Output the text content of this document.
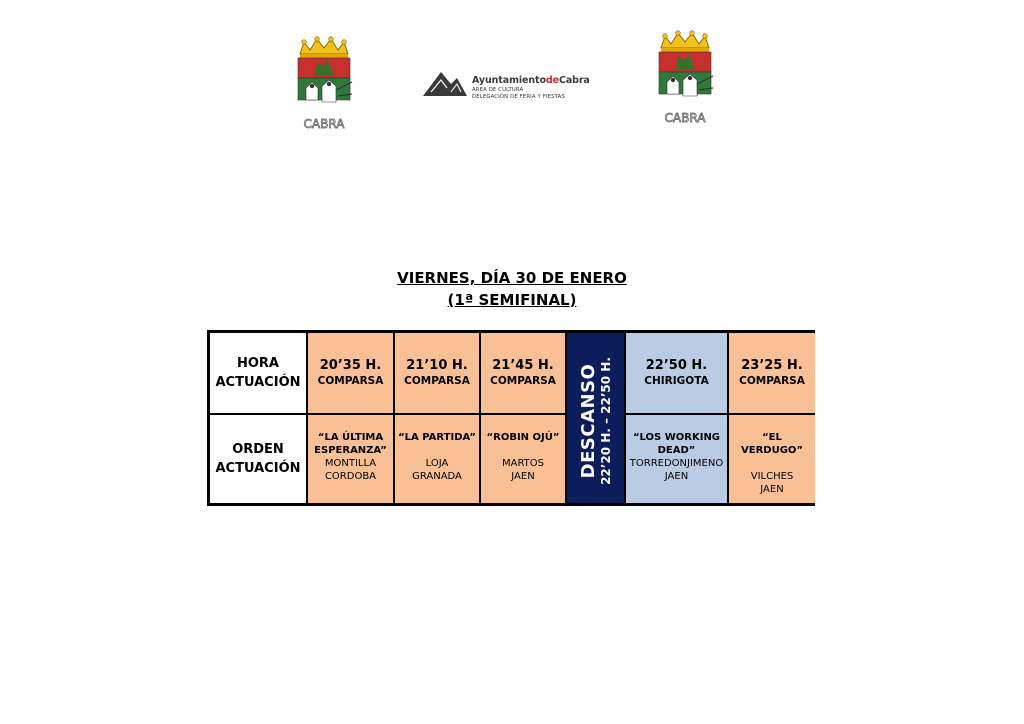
CABRA
AyuntamientodeCabra
ÁREA DE CULTURA
DELEGACIÓN DE FERIA Y FIESTAS
CABRA
VIERNES, DÍA 30 DE ENERO
(1ª SEMIFINAL)
HORA
ACTUACIÓN
ORDEN
ACTUACIÓN
20’35 H.
COMPARSA
“LA ÚLTIMA
ESPERANZA”
MONTILLA
CORDOBA
21’10 H.
COMPARSA
“LA PARTIDA”
LOJA
GRANADA
21’45 H.
COMPARSA
“ROBIN OJÚ”
MARTOS
JAEN	DESCANSO 22’20 H. – 22’50 H.	22’50 H.
CHIRIGOTA
“LOS WORKING
DEAD”
TORREDONJIMENO
JAEN
23’25 H.
COMPARSA
“EL
VERDUGO”
VILCHES
JAEN
